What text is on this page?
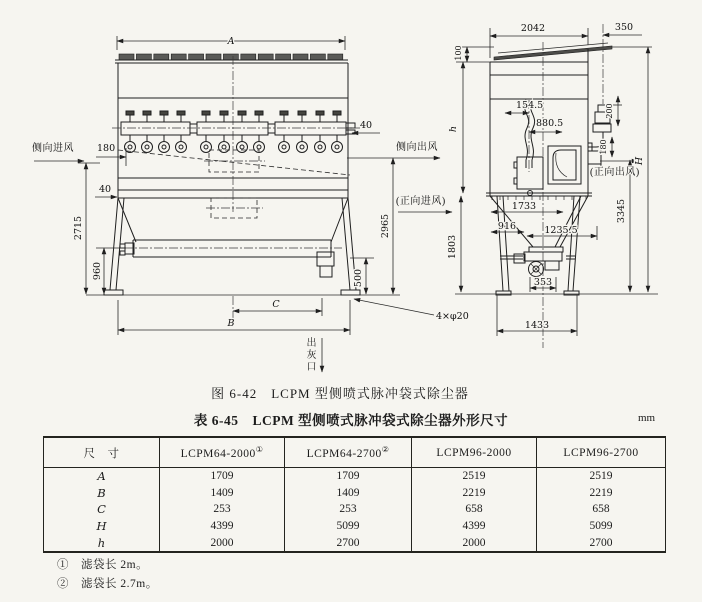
A
侧向进风 180
40
2715
960
40
侧向出风
2965
(正向进风)
500
C
B
4×φ20
2042	350
100
h
1803
154.5
880.5
200
180
H
3345
(正向出风)
1733
916	1235.5
353
1433
出灰口
图 6-42　LCPM 型侧喷式脉冲袋式除尘器
表 6-45　LCPM 型侧喷式脉冲袋式除尘器外形尺寸	mm
尺　寸	LCPM64-2000①	LCPM64-2700②	LCPM96-2000	LCPM96-2700
A	1709	1709	2519	2519
B	1409	1409	2219	2219
C	253	253	658	658
H	4399	5099	4399	5099
h	2000	2700	2000	2700
①　滤袋长 2m。
②　滤袋长 2.7m。
